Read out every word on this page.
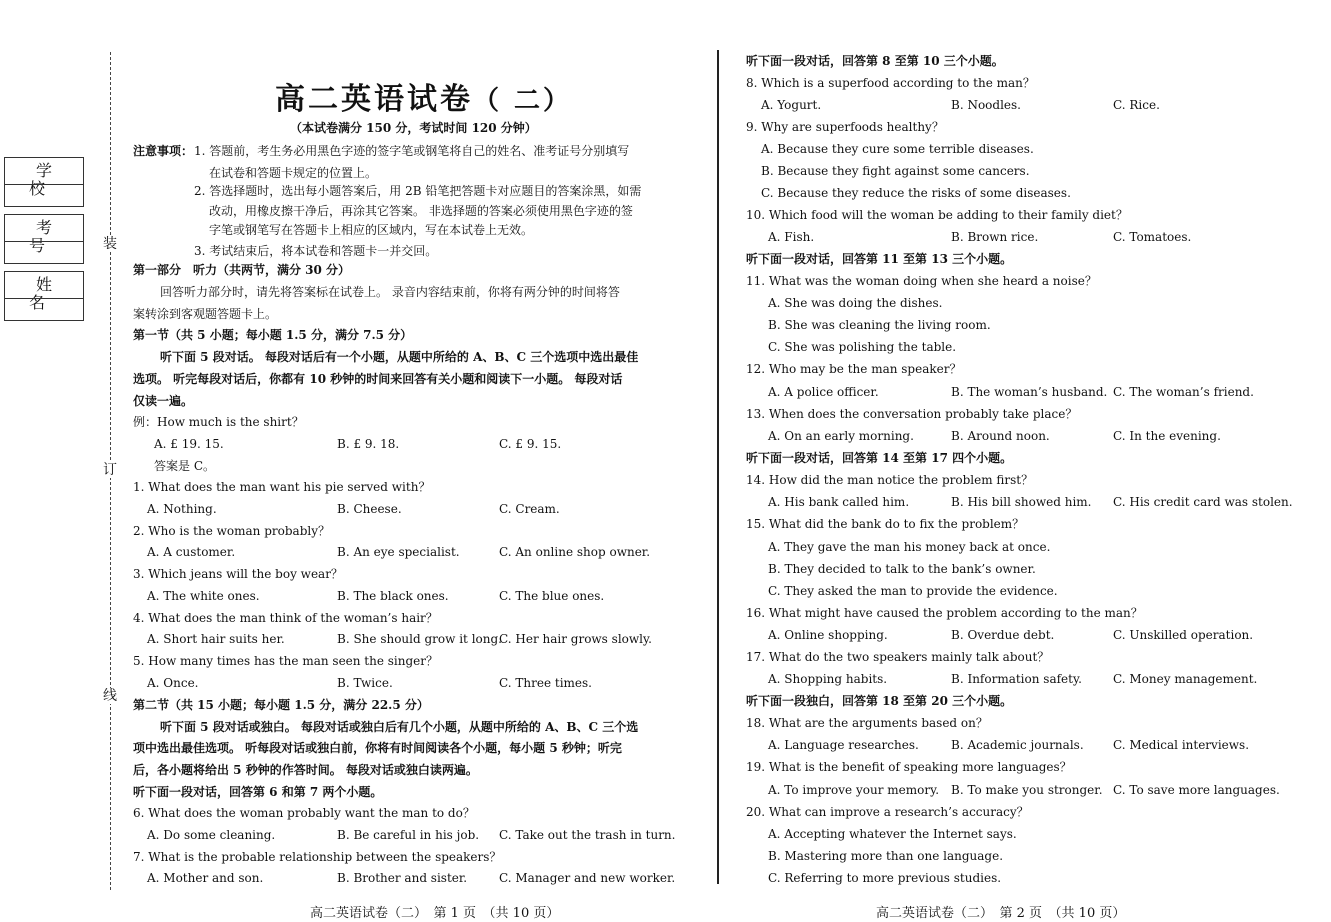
装
订
线
学 校
考 号
姓 名
高二英语试卷（ 二）
（本试卷满分 150 分，考试时间 120 分钟）
注意事项： 1. 答题前，考生务必用黑色字迹的签字笔或钢笔将自己的姓名、准考证号分别填写
在试卷和答题卡规定的位置上。
2. 答选择题时，选出每小题答案后，用 2B 铅笔把答题卡对应题目的答案涂黑，如需
改动，用橡皮擦干净后，再涂其它答案。 非选择题的答案必须使用黑色字迹的签
字笔或钢笔写在答题卡上相应的区域内，写在本试卷上无效。
3. 考试结束后，将本试卷和答题卡一并交回。
第一部分　听力（共两节，满分 30 分）
回答听力部分时，请先将答案标在试卷上。 录音内容结束前，你将有两分钟的时间将答
案转涂到客观题答题卡上。
第一节（共 5 小题；每小题 1.5 分，满分 7.5 分）
听下面 5 段对话。 每段对话后有一个小题，从题中所给的 A、B、C 三个选项中选出最佳
选项。 听完每段对话后，你都有 10 秒钟的时间来回答有关小题和阅读下一小题。 每段对话
仅读一遍。
例：How much is the shirt？
A. £ 19. 15.	B. £ 9. 18.	C. £ 9. 15.
答案是 C。
1. What does the man want his pie served with？
A. Nothing.	B. Cheese.	C. Cream.
2. Who is the woman probably？
A. A customer.	B. An eye specialist.	C. An online shop owner.
3. Which jeans will the boy wear？
A. The white ones.	B. The black ones.	C. The blue ones.
4. What does the man think of the woman’s hair？
A. Short hair suits her.	B. She should grow it long.
C. Her hair grows slowly.
5. How many times has the man seen the singer？
A. Once.	B. Twice.	C. Three times.
第二节（共 15 小题；每小题 1.5 分，满分 22.5 分）
听下面 5 段对话或独白。 每段对话或独白后有几个小题，从题中所给的 A、B、C 三个选
项中选出最佳选项。 听每段对话或独白前，你将有时间阅读各个小题，每小题 5 秒钟；听完
后，各小题将给出 5 秒钟的作答时间。 每段对话或独白读两遍。
听下面一段对话，回答第 6 和第 7 两个小题。
6. What does the woman probably want the man to do？
A. Do some cleaning.	B. Be careful in his job. C. Take out the trash in turn.
7. What is the probable relationship between the speakers？
A. Mother and son.	B. Brother and sister.	C. Manager and new worker.
听下面一段对话，回答第 8 至第 10 三个小题。
8. Which is a superfood according to the man？
A. Yogurt.	B. Noodles.	C. Rice.
9. Why are superfoods healthy？
A. Because they cure some terrible diseases.
B. Because they fight against some cancers.
C. Because they reduce the risks of some diseases.
10. Which food will the woman be adding to their family diet？
A. Fish.	B. Brown rice.	C. Tomatoes.
听下面一段对话，回答第 11 至第 13 三个小题。
11. What was the woman doing when she heard a noise？
A. She was doing the dishes.
B. She was cleaning the living room.
C. She was polishing the table.
12. Who may be the man speaker？
A. A police officer.	B. The woman’s husband. C. The woman’s friend.
13. When does the conversation probably take place？
A. On an early morning.	B. Around noon.	C. In the evening.
听下面一段对话，回答第 14 至第 17 四个小题。
14. How did the man notice the problem first？
A. His bank called him.	B. His bill showed him. C. His credit card was stolen.
15. What did the bank do to fix the problem？
A. They gave the man his money back at once.
B. They decided to talk to the bank’s owner.
C. They asked the man to provide the evidence.
16. What might have caused the problem according to the man？
A. Online shopping.	B. Overdue debt.	C. Unskilled operation.
17. What do the two speakers mainly talk about？
A. Shopping habits.	B. Information safety.	C. Money management.
听下面一段独白，回答第 18 至第 20 三个小题。
18. What are the arguments based on？
A. Language researches.	B. Academic journals. C. Medical interviews.
19. What is the benefit of speaking more languages？
A. To improve your memory. B. To make you stronger. C. To save more languages.
20. What can improve a research’s accuracy？
A. Accepting whatever the Internet says.
B. Mastering more than one language.
C. Referring to more previous studies.
高二英语试卷（二）　第 1 页　（共 10 页）	高二英语试卷（二）　第 2 页　（共 10 页）
